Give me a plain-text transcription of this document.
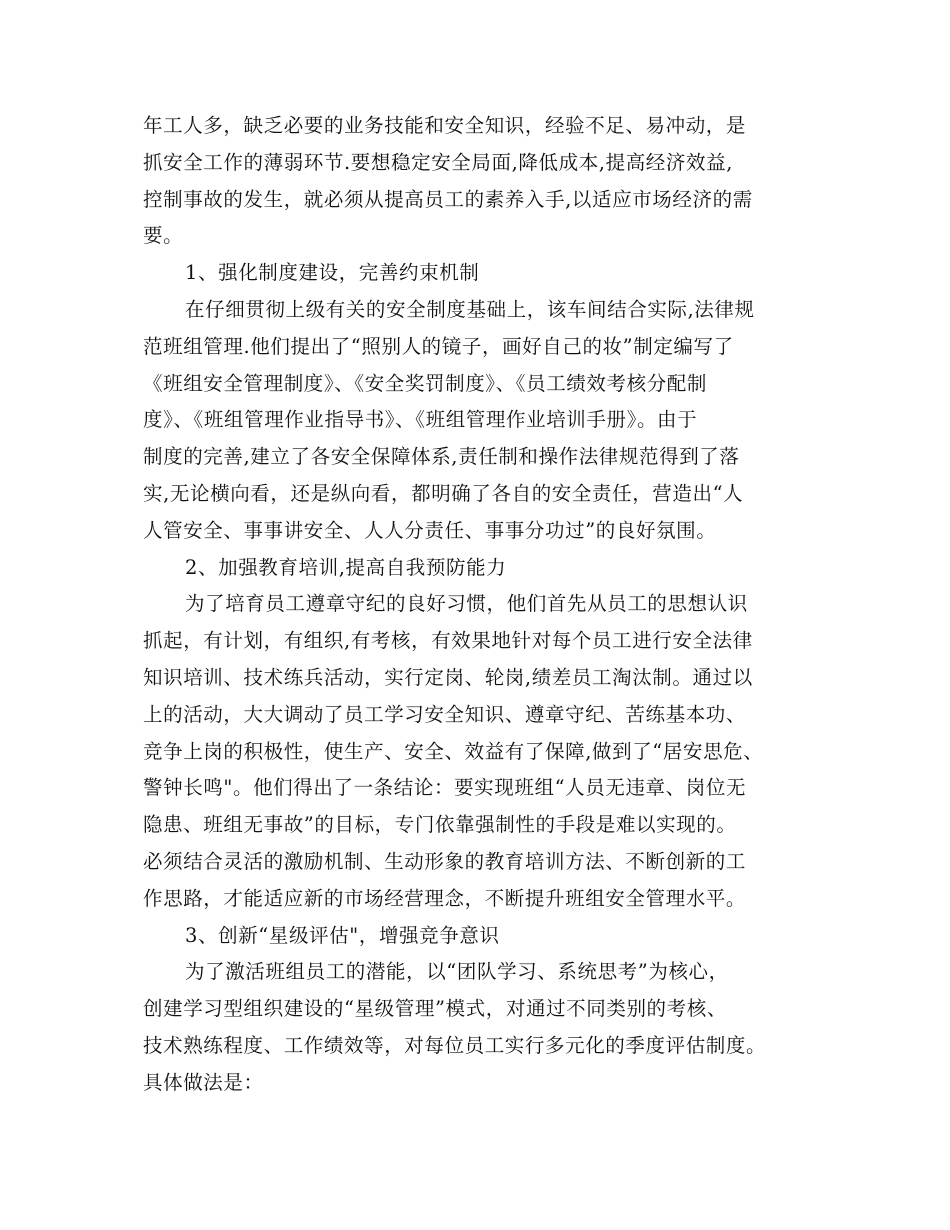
年工人多，缺乏必要的业务技能和安全知识，经验不足、易冲动，是
抓安全工作的薄弱环节.要想稳定安全局面,降低成本,提高经济效益,
控制事故的发生，就必须从提高员工的素养入手,以适应市场经济的需
要。
1、强化制度建设，完善约束机制
在仔细贯彻上级有关的安全制度基础上，该车间结合实际,法律规
范班组管理.他们提出了“照别人的镜子，画好自己的妆”制定编写了
《班组安全管理制度》、《安全奖罚制度》、《员工绩效考核分配制
度》、《班组管理作业指导书》、《班组管理作业培训手册》。由于
制度的完善,建立了各安全保障体系,责任制和操作法律规范得到了落
实,无论横向看，还是纵向看，都明确了各自的安全责任，营造出“人
人管安全、事事讲安全、人人分责任、事事分功过”的良好氛围。
2、加强教育培训,提高自我预防能力
为了培育员工遵章守纪的良好习惯，他们首先从员工的思想认识
抓起，有计划，有组织,有考核，有效果地针对每个员工进行安全法律
知识培训、技术练兵活动，实行定岗、轮岗,绩差员工淘汰制。通过以
上的活动，大大调动了员工学习安全知识、遵章守纪、苦练基本功、
竞争上岗的积极性，使生产、安全、效益有了保障,做到了“居安思危、
警钟长鸣"。他们得出了一条结论：要实现班组“人员无违章、岗位无
隐患、班组无事故”的目标，专门依靠强制性的手段是难以实现的。
必须结合灵活的激励机制、生动形象的教育培训方法、不断创新的工
作思路，才能适应新的市场经营理念，不断提升班组安全管理水平。
3、创新“星级评估"，增强竞争意识
为了激活班组员工的潜能，以“团队学习、系统思考”为核心，
创建学习型组织建设的“星级管理”模式，对通过不同类别的考核、
技术熟练程度、工作绩效等，对每位员工实行多元化的季度评估制度。
具体做法是：
